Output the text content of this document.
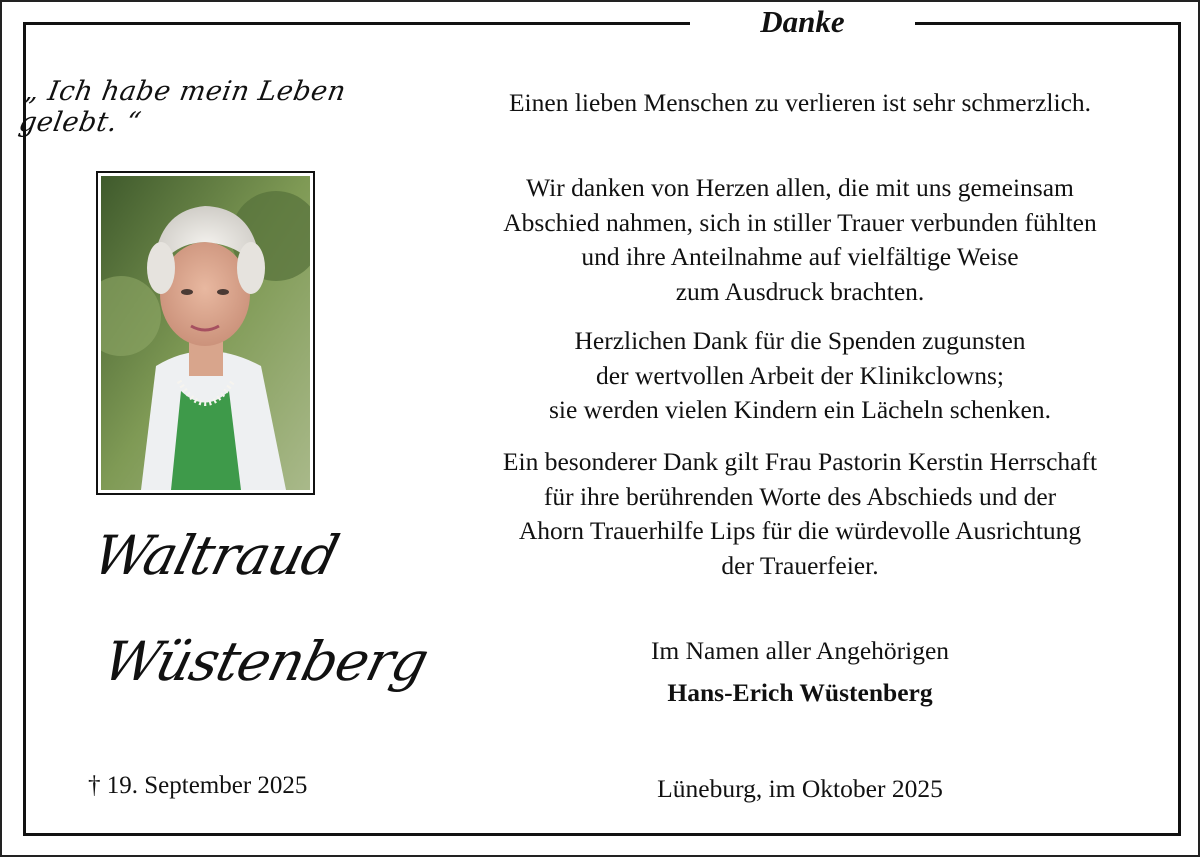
Danke
„ Ich habe mein Leben gelebt. “
Waltraud
Wüstenberg
† 19. September 2025
Einen lieben Menschen zu verlieren ist sehr schmerzlich.
Wir danken von Herzen allen, die mit uns gemeinsam
Abschied nahmen, sich in stiller Trauer verbunden fühlten
und ihre Anteilnahme auf vielfältige Weise
zum Ausdruck brachten.
Herzlichen Dank für die Spenden zugunsten
der wertvollen Arbeit der Klinikclowns;
sie werden vielen Kindern ein Lächeln schenken.
Ein besonderer Dank gilt Frau Pastorin Kerstin Herrschaft
für ihre berührenden Worte des Abschieds und der
Ahorn Trauerhilfe Lips für die würdevolle Ausrichtung
der Trauerfeier.
Im Namen aller Angehörigen
Hans-Erich Wüstenberg
Lüneburg, im Oktober 2025
